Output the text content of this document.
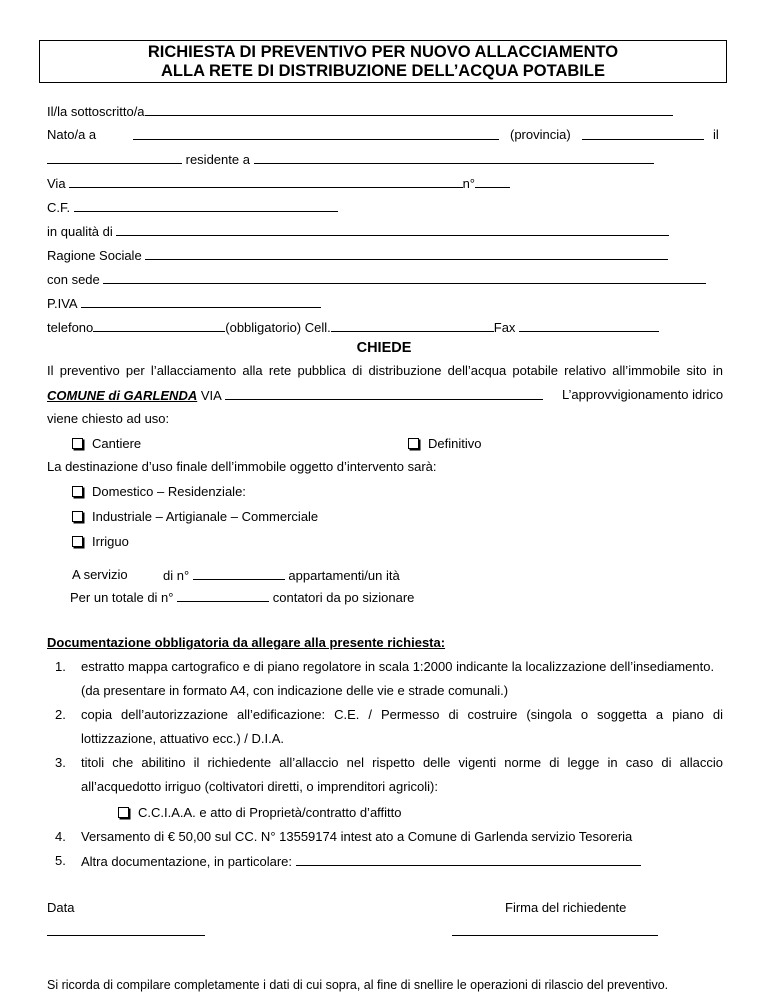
RICHIESTA DI PREVENTIVO PER NUOVO ALLACCIAMENTO
ALLA RETE DI DISTRIBUZIONE DELL’ACQUA POTABILE
Il/la sottoscritto/a
Nato/a a	(provincia)	il
residente a
Via	n°
C.F.
in qualità di
Ragione Sociale
con sede
P.IVA
telefono	(obbligatorio) Cell.	Fax
CHIEDE
Il preventivo per l’allacciamento alla rete pubblica di distribuzione dell’acqua potabile relativo all’immobile sito in
COMUNE di GARLENDA VIA	L’approvvigionamento idrico
viene chiesto ad uso:
Cantiere	Definitivo
La destinazione d’uso finale dell’immobile oggetto d’intervento sarà:
Domestico – Residenziale:
Industriale – Artigianale – Commerciale
Irriguo
A servizio	di n°	appartamenti/un ità
Per un totale di n°	contatori da po sizionare
Documentazione obbligatoria da allegare alla presente richiesta:
1. estratto mappa cartografico e di piano regolatore in scala 1:2000 indicante la localizzazione dell’insediamento.
(da presentare in formato A4, con indicazione delle vie e strade comunali.)
2. copia dell’autorizzazione all’edificazione: C.E. / Permesso di costruire (singola o soggetta a piano di
lottizzazione, attuativo ecc.) / D.I.A.
3. titoli che abilitino il richiedente all’allaccio nel rispetto delle vigenti norme di legge in caso di allaccio
all’acquedotto irriguo (coltivatori diretti, o imprenditori agricoli):
C.C.I.A.A. e atto di Proprietà/contratto d’affitto
4. Versamento di € 50,00 sul CC. N° 13559174 intest ato a Comune di Garlenda servizio Tesoreria
5. Altra documentazione, in particolare:
Data	Firma del richiedente
Si ricorda di compilare completamente i dati di cui sopra, al fine di snellire le operazioni di rilascio del preventivo.
